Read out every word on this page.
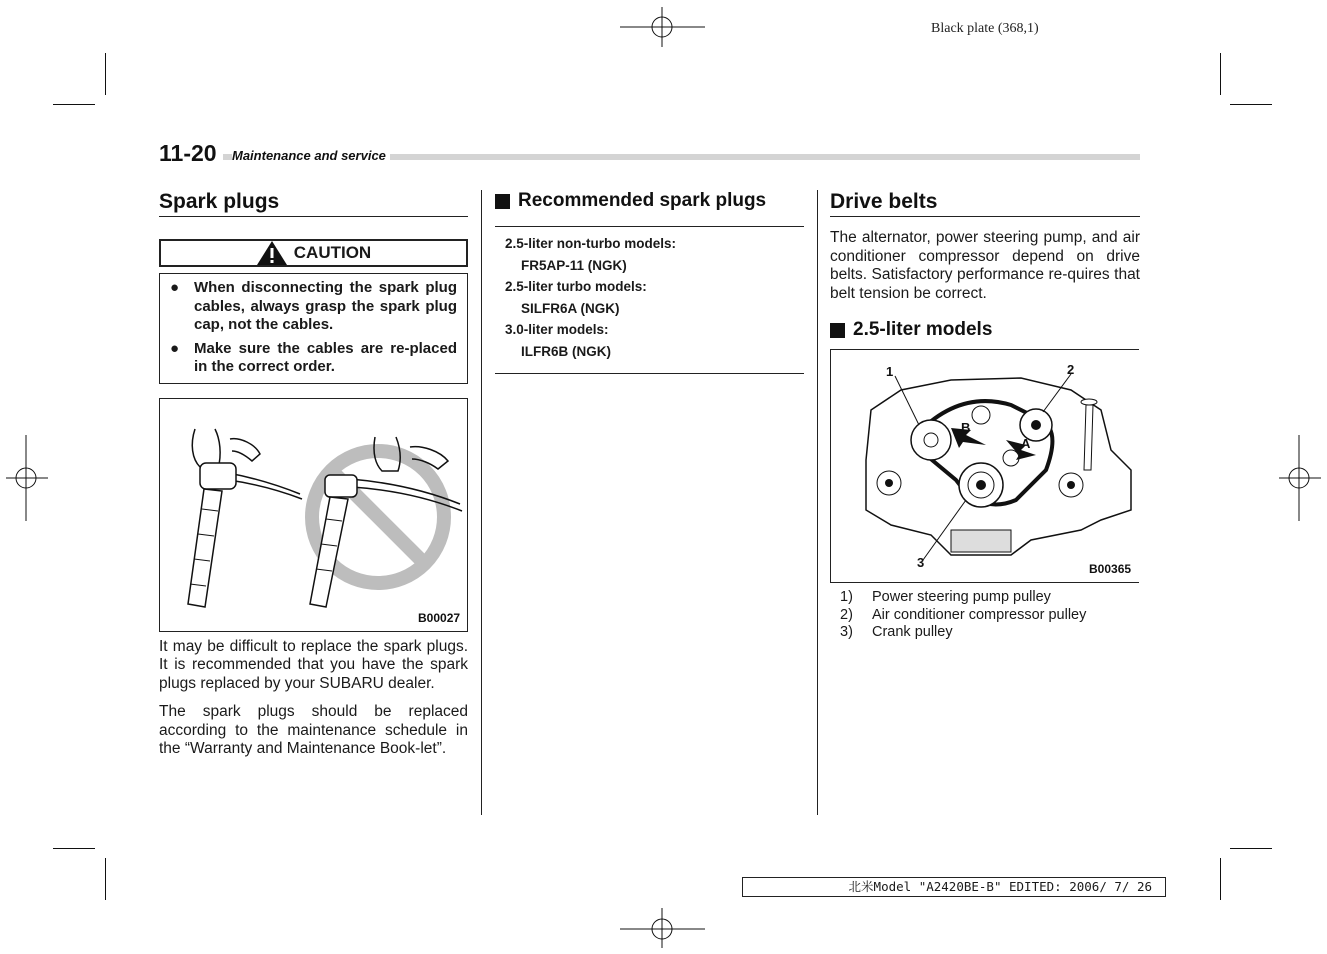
Black plate (368,1)
11-20	Maintenance and service
Spark plugs
CAUTION
● When disconnecting the spark plug cables, always grasp the spark plug cap, not the cables.
● Make sure the cables are re-placed in the correct order.
B00027

It may be difficult to replace the spark plugs. It is recommended that you have the spark plugs replaced by your SUBARU dealer.

The spark plugs should be replaced according to the maintenance schedule in the “Warranty and Maintenance Book-let”.

Recommended spark plugs
2.5-liter non-turbo models:
FR5AP-11 (NGK)
2.5-liter turbo models:
SILFR6A (NGK)
3.0-liter models:
ILFR6B (NGK)
Drive belts

The alternator, power steering pump, and air conditioner compressor depend on drive belts. Satisfactory performance re-quires that belt tension be correct.

2.5-liter models
1	2
3
B
A
B00365
1)	Power steering pump pulley
2)	Air conditioner compressor pulley
3)	Crank pulley
北米Model "A2420BE-B" EDITED: 2006/ 7/ 26
